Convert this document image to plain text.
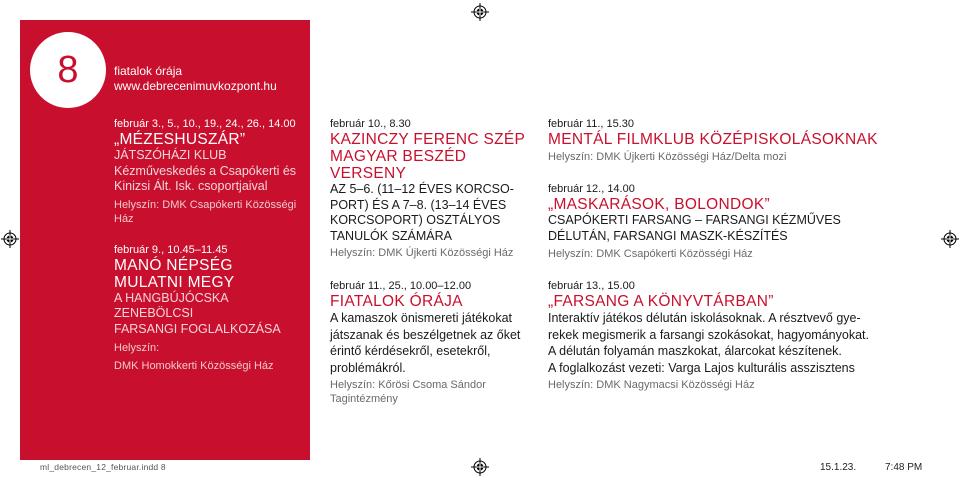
8	fiatalok órája
www.debrecenimuvkozpont.hu
február 3., 5., 10., 19., 24., 26., 14.00
„MÉZESHUSZÁR”
JÁTSZÓHÁZI KLUB
Kézműveskedés a Csapókerti és
Kinizsi Ált. Isk. csoportjaival
Helyszín: DMK Csapókerti Közösségi Ház
február 9., 10.45–11.45
MANÓ NÉPSÉG
MULATNI MEGY
A HANGBÚJÓCSKA ZENEBÖLCSI
FARSANGI FOGLALKOZÁSA
Helyszín:
DMK Homokkerti Közösségi Ház
február 10., 8.30
KAZINCZY FERENC SZÉP
MAGYAR BESZÉD VERSENY
AZ 5–6. (11–12 ÉVES KORCSO-
PORT) ÉS A 7–8. (13–14 ÉVES
KORCSOPORT) OSZTÁLYOS
TANULÓK SZÁMÁRA
Helyszín: DMK Újkerti Közösségi Ház
február 11., 25., 10.00–12.00
FIATALOK ÓRÁJA
A kamaszok önismereti játékokat
játszanak és beszélgetnek az őket
érintő kérdésekről, esetekről,
problémákról.
Helyszín: Kőrösi Csoma Sándor Tagintézmény
február 11., 15.30
MENTÁL FILMKLUB KÖZÉPISKOLÁSOKNAK
Helyszín: DMK Újkerti Közösségi Ház/Delta mozi
február 12., 14.00
„MASKARÁSOK, BOLONDOK”
CSAPÓKERTI FARSANG – FARSANGI KÉZMŰVES
DÉLUTÁN, FARSANGI MASZK-KÉSZÍTÉS
Helyszín: DMK Csapókerti Közösségi Ház
február 13., 15.00
„FARSANG A KÖNYVTÁRBAN”
Interaktív játékos délután iskolásoknak. A résztvevő gye-
rekek megismerik a farsangi szokásokat, hagyományokat.
A délután folyamán maszkokat, álarcokat készítenek.
A foglalkozást vezeti: Varga Lajos kulturális asszisztens
Helyszín: DMK Nagymacsi Közösségi Ház
ml_debrecen_12_februar.indd 8	15.1.23.	7:48 PM
